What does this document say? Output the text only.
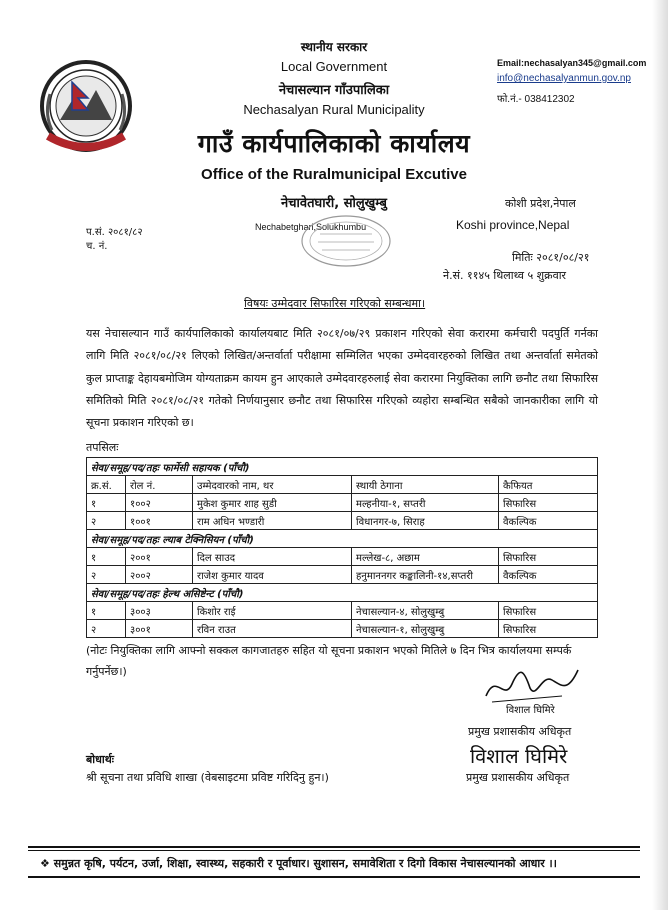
स्थानीय सरकार
Local Government
नेचासल्यान गाँउपालिका
Nechasalyan Rural Municipality
गाउँ कार्यपालिकाको कार्यालय
Office of the Ruralmunicipal Excutive
नेचावेतघारी, सोलुखुम्बु
Nechabetghari,Solukhumbu
Email:nechasalyan345@gmail.com
info@nechasalyanmun.gov.np
फो.नं.- 038412302
कोशी प्रदेश,नेपाल
Koshi province,Nepal
प.सं. २०८१/८२
च. नं.
मितिः २०८१/०८/२१
ने.सं. ११४५ थिलाथ्व ५ शुक्रवार
विषयः उम्मेदवार सिफारिस गरिएको सम्बन्धमा।
यस नेचासल्यान गाउँ कार्यपालिकाको कार्यालयबाट मिति २०८१/०७/२९ प्रकाशन गरिएको सेवा करारमा कर्मचारी पदपुर्ति गर्नका लागि मिति २०८१/०८/२१ लिएको लिखित/अन्तर्वार्ता परीक्षामा सम्मिलित भएका उम्मेदवारहरुको लिखित तथा अन्तर्वार्ता समेतको कुल प्राप्ताङ्क देहायबमोजिम योग्यताक्रम कायम हुन आएकाले उम्मेदवारहरुलाई सेवा करारमा नियुक्तिका लागि छनौट तथा सिफारिस समितिको मिति २०८१/०८/२१ गतेको निर्णयानुसार छनौट तथा सिफारिस गरिएको व्यहोरा सम्बन्धित सबैको जानकारीका लागि यो सूचना प्रकाशन गरिएको छ।
तपसिलः
सेवा/समूह/पद/तहः फार्मेसी सहायक (पाँचौ)				
क्र.सं.	रोल नं.	उम्मेदवारको नाम, थर	स्थायी ठेगाना	कैफियत
१	१००२	मुकेश कुमार शाह सुडी	मल्हनीया-१, सप्तरी	सिफारिस
२	१००१	राम अधिन भण्डारी	विधानगर-७, सिराह	वैकल्पिक
सेवा/समूह/पद/तहः ल्याब टेक्निसियन (पाँचौ)				
१	२००१	दिल साउद	मल्लेख-८, अछाम	सिफारिस
२	२००२	राजेश कुमार यादव	हनुमाननगर कङ्कालिनी-१४,सप्तरी	वैकल्पिक
सेवा/समूह/पद/तहः हेल्थ असिष्टेन्ट (पाँचौ)				
१	३००३	किशोर राई	नेचासल्यान-४, सोलुखुम्बु	सिफारिस
२	३००१	रविन राउत	नेचासल्यान-१, सोलुखुम्बु	सिफारिस
(नोटः नियुक्तिका लागि आफ्नो सक्कल कागजातहरु सहित यो सूचना प्रकाशन भएको मितिले ७ दिन भित्र कार्यालयमा सम्पर्क गर्नुपर्नेछ।)
विशाल घिमिरे
प्रमुख प्रशासकीय अधिकृत
बोधार्थः	विशाल घिमिरे
श्री सूचना तथा प्रविधि शाखा (वेबसाइटमा प्रविष्ट गरिदिनु हुन।)	प्रमुख प्रशासकीय अधिकृत
❖ समुन्नत कृषि, पर्यटन, उर्जा, शिक्षा, स्वास्थ्य, सहकारी र पूर्वाधार। सुशासन, समावेशिता र दिगो विकास नेचासल्यानको आधार ।।
